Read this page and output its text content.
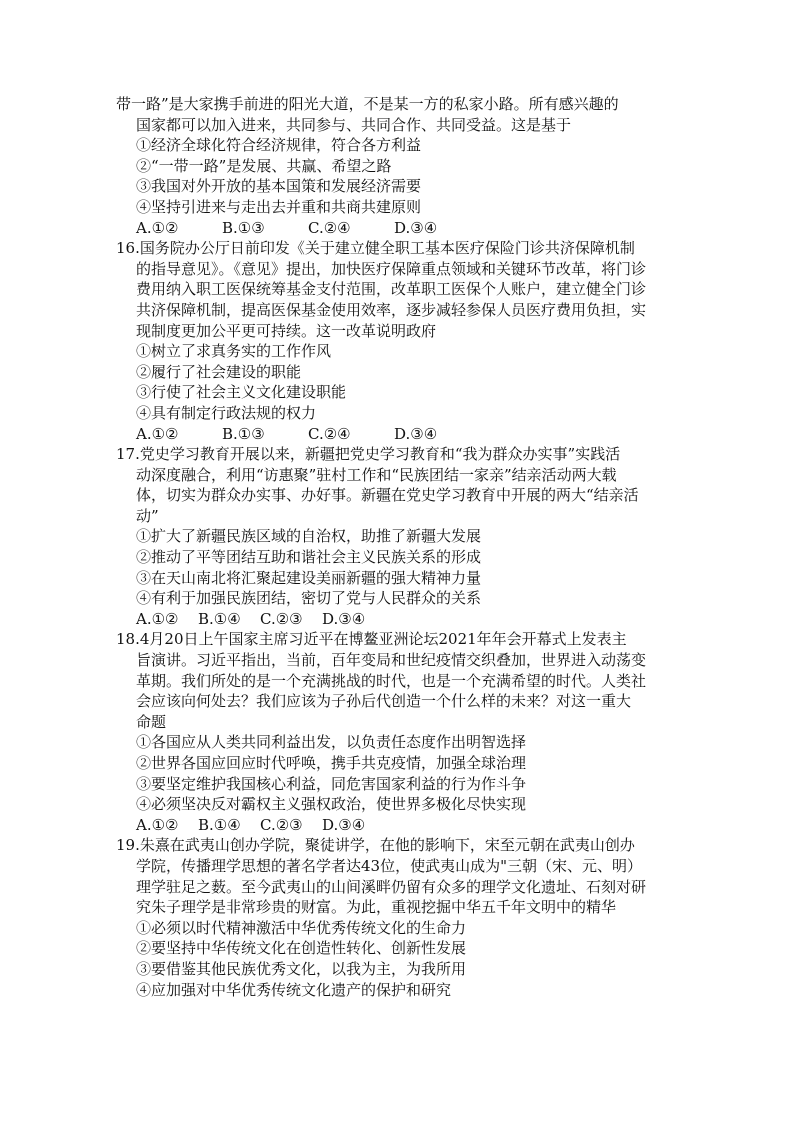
带一路”是大家携手前进的阳光大道，不是某一方的私家小路。所有感兴趣的
国家都可以加入进来，共同参与、共同合作、共同受益。这是基于
①经济全球化符合经济规律，符合各方利益
②“一带一路”是发展、共赢、希望之路
③我国对外开放的基本国策和发展经济需要
④坚持引进来与走出去并重和共商共建原则
A.①②	B.①③	C.②④	D.③④
16.国务院办公厅日前印发《关于建立健全职工基本医疗保险门诊共济保障机制
的指导意见》。《意见》提出，加快医疗保障重点领域和关键环节改革，将门诊
费用纳入职工医保统筹基金支付范围，改革职工医保个人账户，建立健全门诊
共济保障机制，提高医保基金使用效率，逐步减轻参保人员医疗费用负担，实
现制度更加公平更可持续。这一改革说明政府
①树立了求真务实的工作作风
②履行了社会建设的职能
③行使了社会主义文化建设职能
④具有制定行政法规的权力
A.①②	B.①③	C.②④	D.③④
17.党史学习教育开展以来，新疆把党史学习教育和“我为群众办实事”实践活
动深度融合，利用“访惠聚”驻村工作和“民族团结一家亲”结亲活动两大载
体，切实为群众办实事、办好事。新疆在党史学习教育中开展的两大“结亲活
动”
①扩大了新疆民族区域的自治权，助推了新疆大发展
②推动了平等团结互助和谐社会主义民族关系的形成
③在天山南北将汇聚起建设美丽新疆的强大精神力量
④有利于加强民族团结，密切了党与人民群众的关系
A.①②	B.①④	C.②③	D.③④
18.4月20日上午国家主席习近平在博鳌亚洲论坛2021年年会开幕式上发表主
旨演讲。习近平指出，当前，百年变局和世纪疫情交织叠加，世界进入动荡变
革期。我们所处的是一个充满挑战的时代，也是一个充满希望的时代。人类社
会应该向何处去？我们应该为子孙后代创造一个什么样的未来？对这一重大
命题
①各国应从人类共同利益出发，以负责任态度作出明智选择
②世界各国应回应时代呼唤，携手共克疫情，加强全球治理
③要坚定维护我国核心利益，同危害国家利益的行为作斗争
④必须坚决反对霸权主义强权政治，使世界多极化尽快实现
A.①②	B.①④	C.②③	D.③④
19.朱熹在武夷山创办学院，聚徒讲学，在他的影响下，宋至元朝在武夷山创办
学院，传播理学思想的著名学者达43位，使武夷山成为"三朝（宋、元、明）
理学驻足之薮。至今武夷山的山间溪畔仍留有众多的理学文化遗址、石刻对研
究朱子理学是非常珍贵的财富。为此，重视挖掘中华五千年文明中的精华
①必须以时代精神激活中华优秀传统文化的生命力
②要坚持中华传统文化在创造性转化、创新性发展
③要借鉴其他民族优秀文化，以我为主，为我所用
④应加强对中华优秀传统文化遗产的保护和研究
